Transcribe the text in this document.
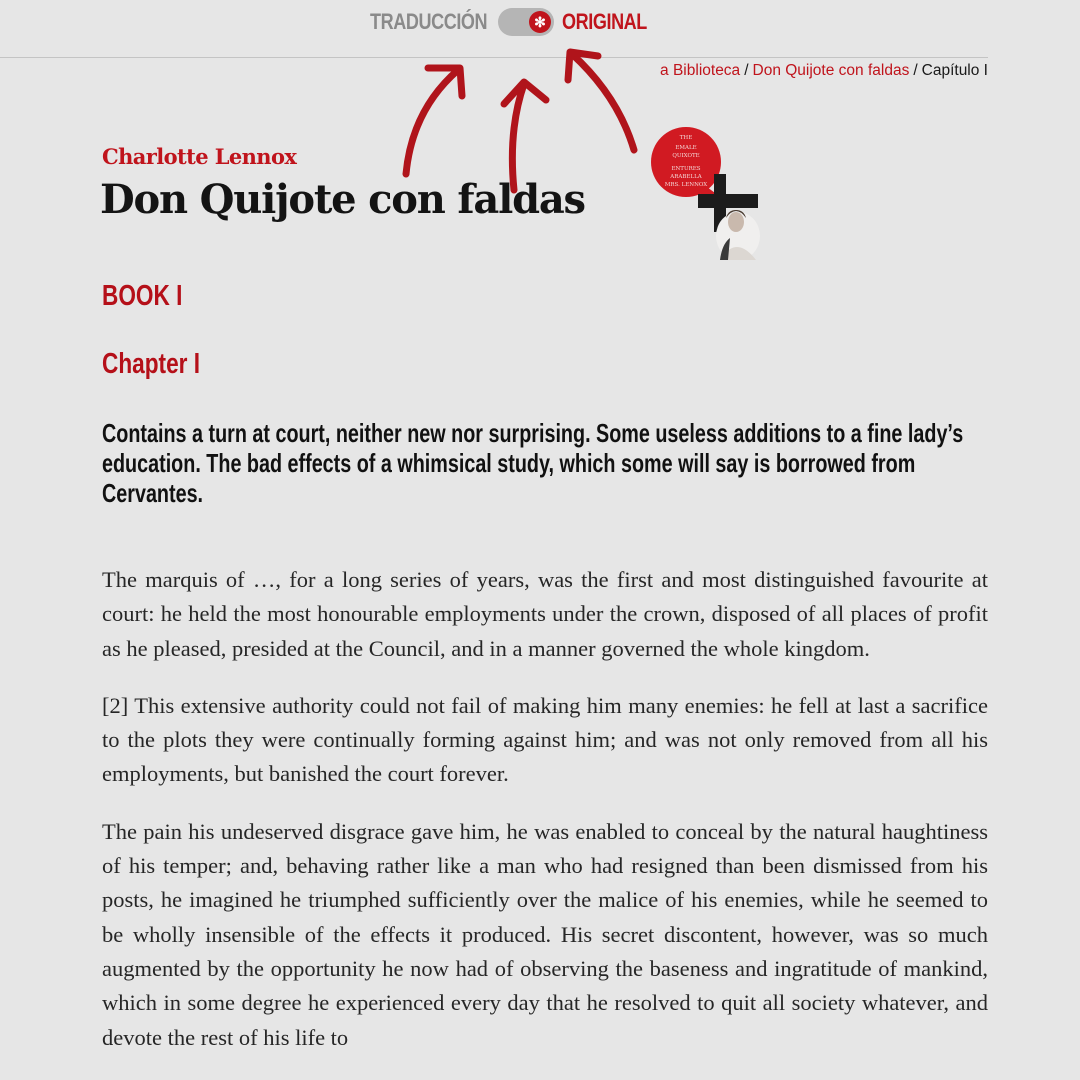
TRADUCCIÓN	✻ ORIGINAL
a Biblioteca / Don Quijote con faldas / Capítulo I
Charlotte Lennox
Don Quijote con faldas
THE
EMALE
QUIXOTE
ENTURES
ARABELLA
MRS. LENNOX
BOOK I
Chapter I
Contains a turn at court, neither new nor surprising. Some useless additions to a fine lady’s education. The bad effects of a whimsical study, which some will say is borrowed from Cervantes.

The marquis of …, for a long series of years, was the first and most distinguished favourite at court: he held the most honourable employments under the crown, disposed of all places of profit as he pleased, presided at the Council, and in a manner governed the whole kingdom.

[2] This extensive authority could not fail of making him many enemies: he fell at last a sacrifice to the plots they were continually forming against him; and was not only removed from all his employments, but banished the court forever.

The pain his undeserved disgrace gave him, he was enabled to conceal by the natural haughtiness of his temper; and, behaving rather like a man who had resigned than been dismissed from his posts, he imagined he triumphed sufficiently over the malice of his enemies, while he seemed to be wholly insensible of the effects it produced. His secret discontent, however, was so much augmented by the opportunity he now had of observing the baseness and ingratitude of mankind, which in some degree he experienced every day that he resolved to quit all society whatever, and devote the rest of his life to
